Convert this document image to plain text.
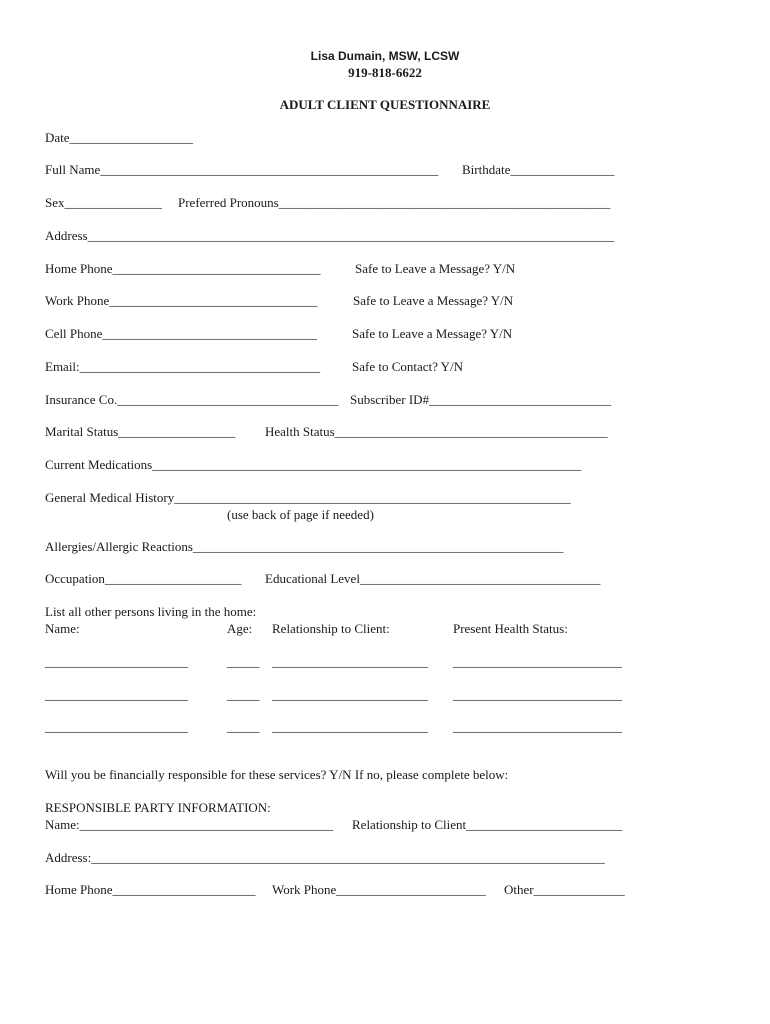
Lisa Dumain, MSW, LCSW
919-818-6622
ADULT CLIENT QUESTIONNAIRE
Date___________________
Full Name____________________________________________________ Birthdate________________
Sex_______________ Preferred Pronouns___________________________________________________
Address_________________________________________________________________________________
Home Phone________________________________	Safe to Leave a Message? Y/N
Work Phone________________________________	Safe to Leave a Message? Y/N
Cell Phone_________________________________	Safe to Leave a Message? Y/N
Email:_____________________________________ Safe to Contact? Y/N
Insurance Co.__________________________________ Subscriber ID#____________________________
Marital Status__________________ Health Status__________________________________________
Current Medications__________________________________________________________________
General Medical History_____________________________________________________________
(use back of page if needed)
Allergies/Allergic Reactions_________________________________________________________
Occupation_____________________ Educational Level_____________________________________
List all other persons living in the home:
Name:	Age: Relationship to Client:	Present Health Status:
______________________	_____ ________________________ __________________________
______________________	_____ ________________________ __________________________
______________________	_____ ________________________ __________________________
Will you be financially responsible for these services? Y/N If no, please complete below:
RESPONSIBLE PARTY INFORMATION:
Name:_______________________________________ Relationship to Client________________________
Address:_______________________________________________________________________________
Home Phone______________________ Work Phone_______________________ Other______________
